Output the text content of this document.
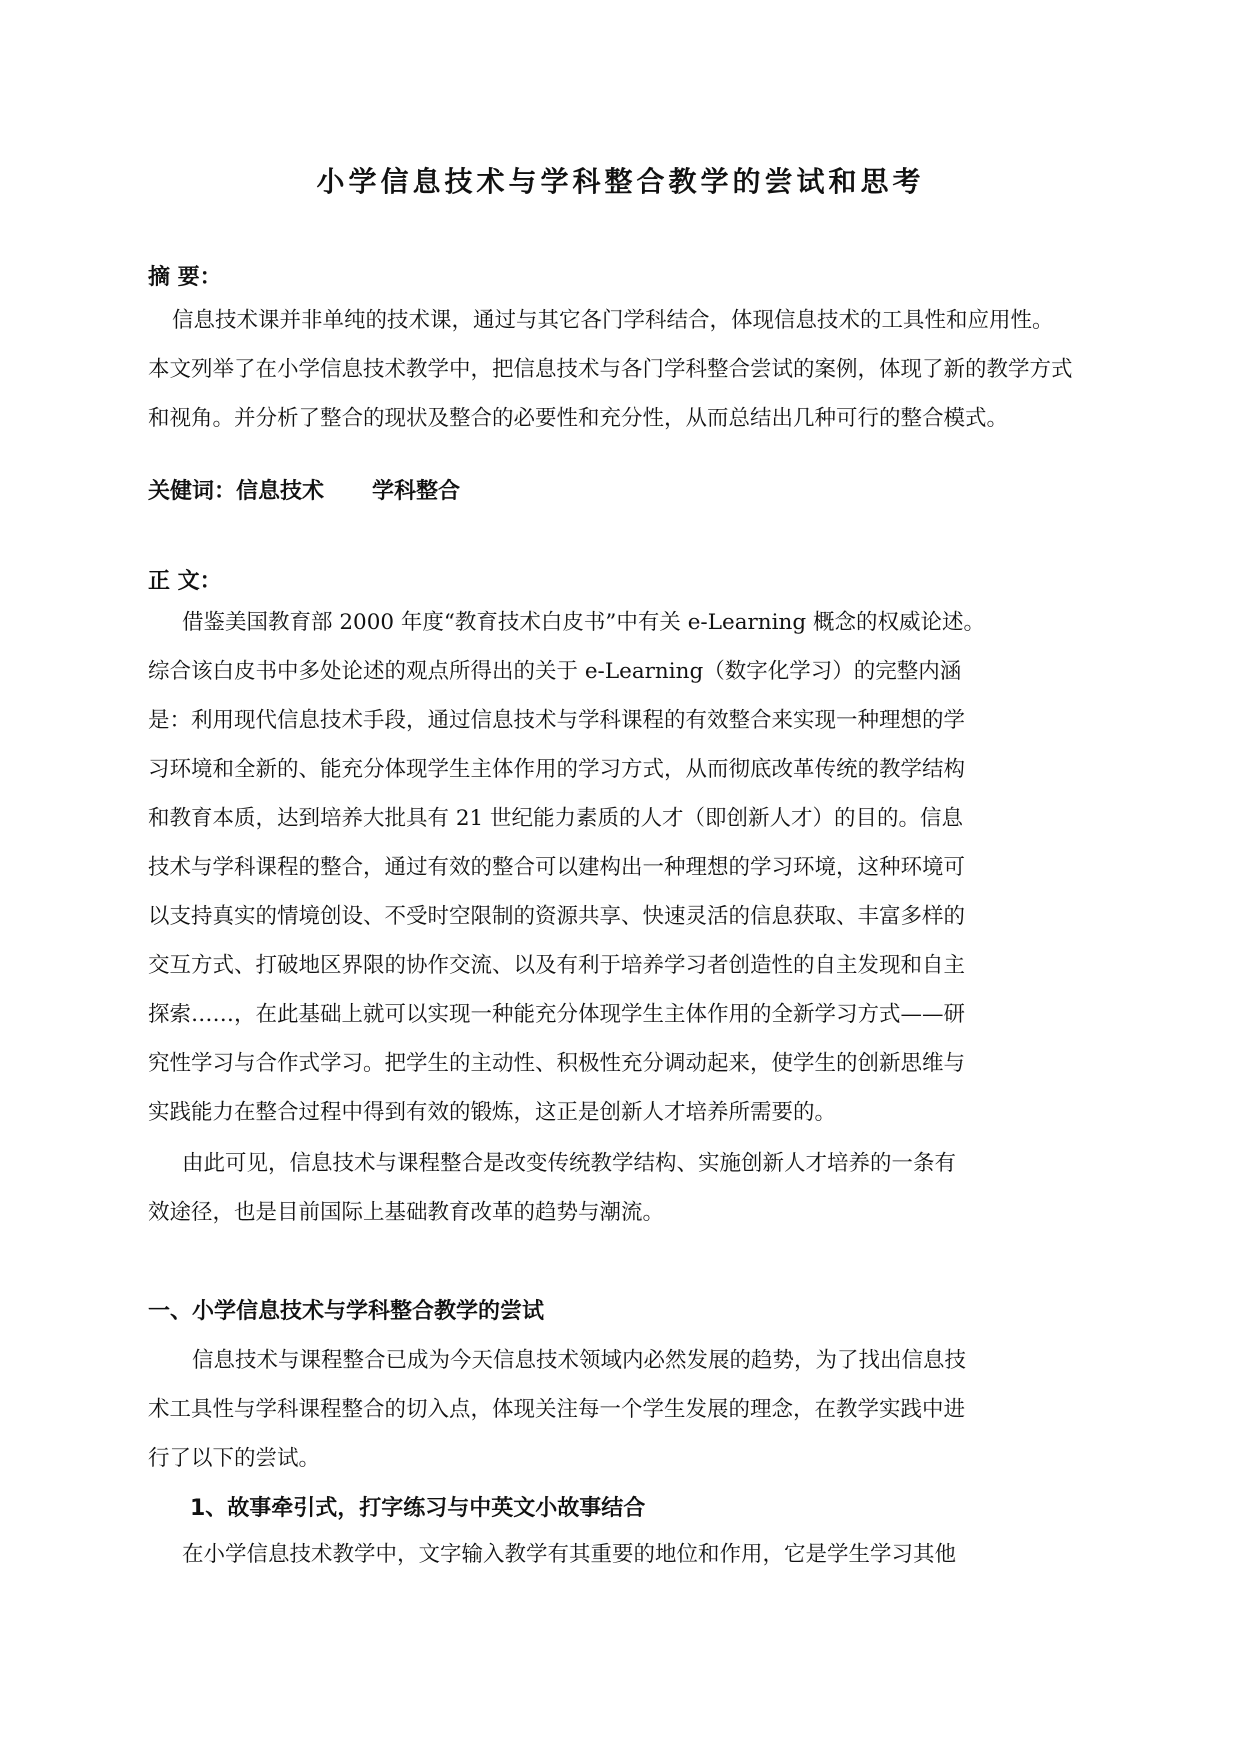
小学信息技术与学科整合教学的尝试和思考
摘 要：
信息技术课并非单纯的技术课，通过与其它各门学科结合，体现信息技术的工具性和应用性。
本文列举了在小学信息技术教学中，把信息技术与各门学科整合尝试的案例，体现了新的教学方式
和视角。并分析了整合的现状及整合的必要性和充分性，从而总结出几种可行的整合模式。
关健词：信息技术 学科整合
正 文：
借鉴美国教育部 2000 年度“教育技术白皮书”中有关 e-Learning 概念的权威论述。
综合该白皮书中多处论述的观点所得出的关于 e-Learning（数字化学习）的完整内涵
是：利用现代信息技术手段，通过信息技术与学科课程的有效整合来实现一种理想的学
习环境和全新的、能充分体现学生主体作用的学习方式，从而彻底改革传统的教学结构
和教育本质，达到培养大批具有 21 世纪能力素质的人才（即创新人才）的目的。信息
技术与学科课程的整合，通过有效的整合可以建构出一种理想的学习环境，这种环境可
以支持真实的情境创设、不受时空限制的资源共享、快速灵活的信息获取、丰富多样的
交互方式、打破地区界限的协作交流、以及有利于培养学习者创造性的自主发现和自主
探索……，在此基础上就可以实现一种能充分体现学生主体作用的全新学习方式——研
究性学习与合作式学习。把学生的主动性、积极性充分调动起来，使学生的创新思维与
实践能力在整合过程中得到有效的锻炼，这正是创新人才培养所需要的。
由此可见，信息技术与课程整合是改变传统教学结构、实施创新人才培养的一条有
效途径，也是目前国际上基础教育改革的趋势与潮流。
一、小学信息技术与学科整合教学的尝试
信息技术与课程整合已成为今天信息技术领域内必然发展的趋势，为了找出信息技
术工具性与学科课程整合的切入点，体现关注每一个学生发展的理念，在教学实践中进
行了以下的尝试。
1、故事牵引式，打字练习与中英文小故事结合
在小学信息技术教学中，文字输入教学有其重要的地位和作用，它是学生学习其他
